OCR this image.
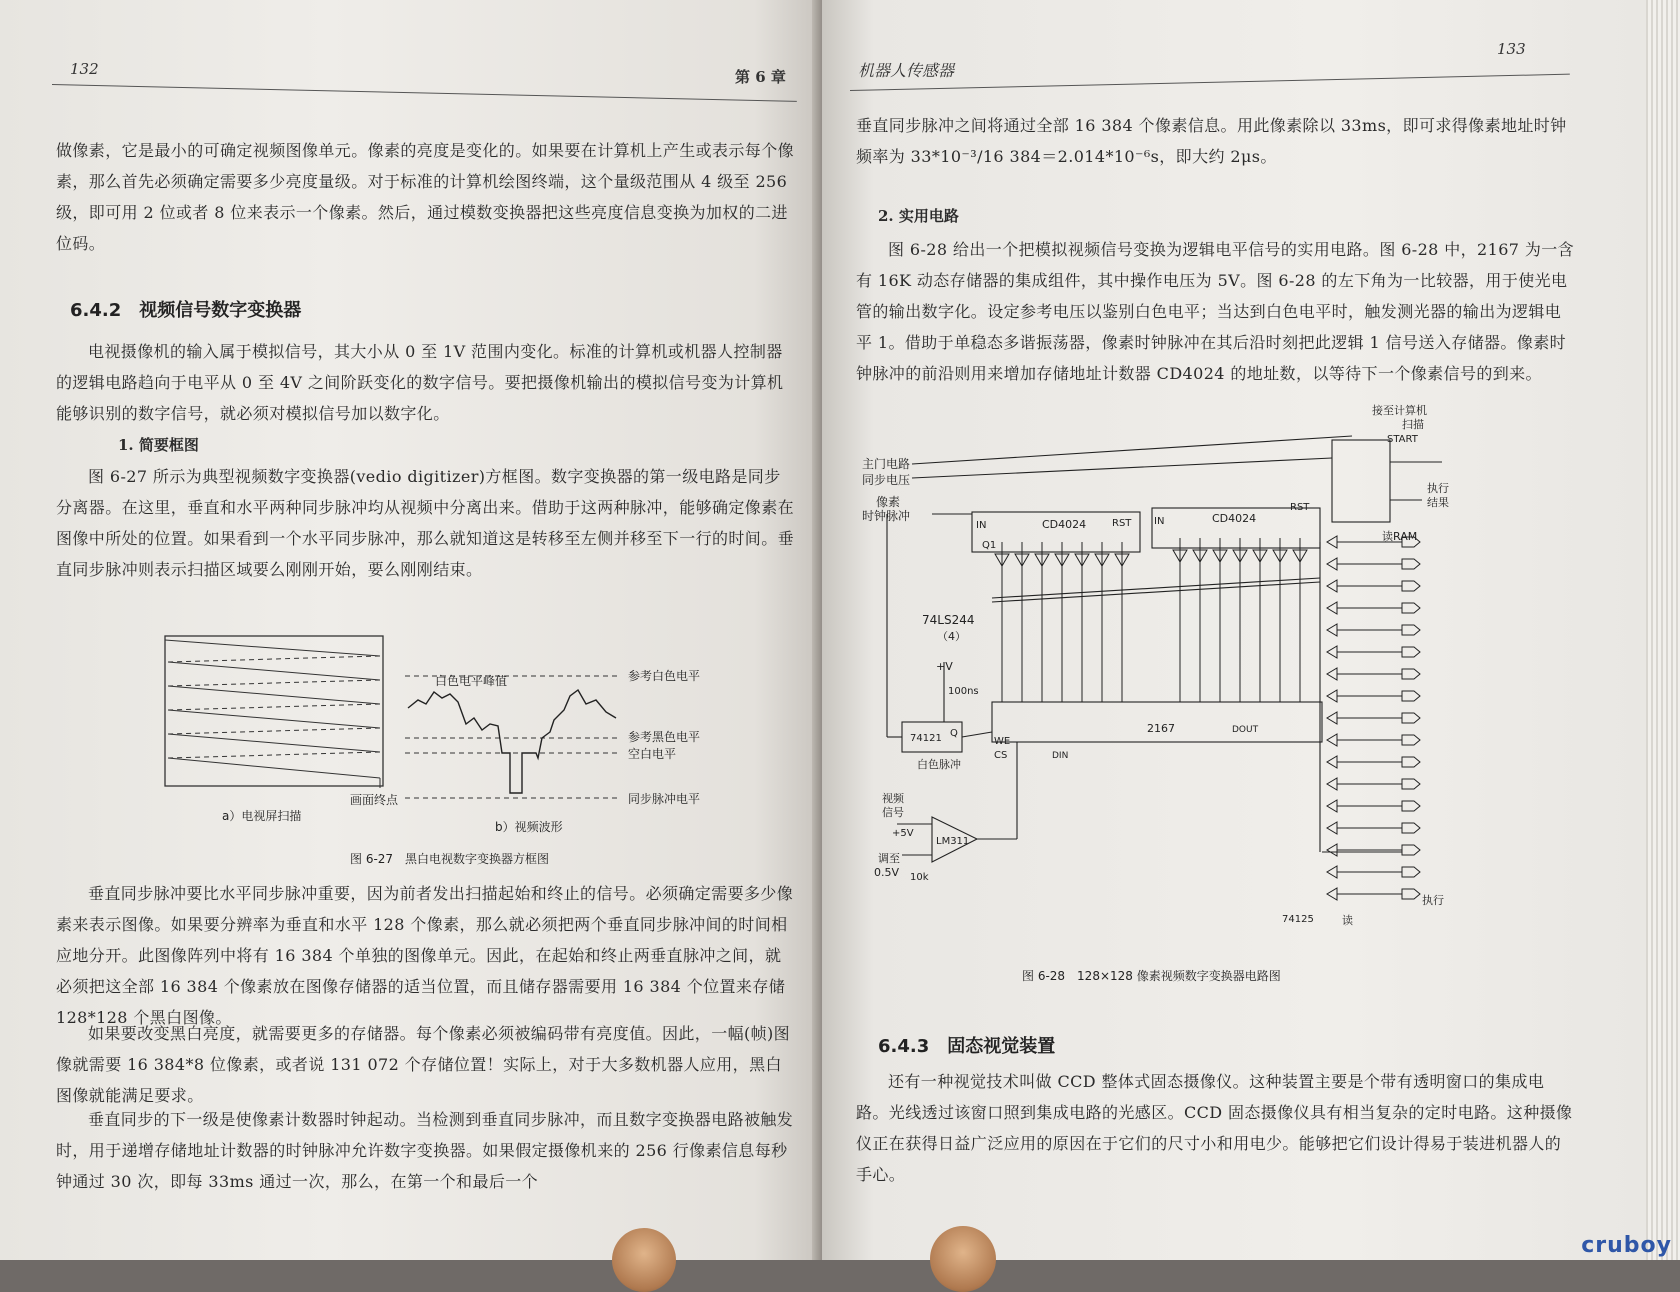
132	第 6 章

做像素，它是最小的可确定视频图像单元。像素的亮度是变化的。如果要在计算机上产生或表示每个像素，那么首先必须确定需要多少亮度量级。对于标准的计算机绘图终端，这个量级范围从 4 级至 256 级，即可用 2 位或者 8 位来表示一个像素。然后，通过模数变换器把这些亮度信息变换为加权的二进位码。

6.4.2　视频信号数字变换器

电视摄像机的输入属于模拟信号，其大小从 0 至 1V 范围内变化。标准的计算机或机器人控制器的逻辑电路趋向于电平从 0 至 4V 之间阶跃变化的数字信号。要把摄像机输出的模拟信号变为计算机能够识别的数字信号，就必须对模拟信号加以数字化。

1. 简要框图

图 6-27 所示为典型视频数字变换器(vedio digitizer)方框图。数字变换器的第一级电路是同步分离器。在这里，垂直和水平两种同步脉冲均从视频中分离出来。借助于这两种脉冲，能够确定像素在图像中所处的位置。如果看到一个水平同步脉冲，那么就知道这是转移至左侧并移至下一行的时间。垂直同步脉冲则表示扫描区域要么刚刚开始，要么刚刚结束。

画面终点
a）电视屏扫描
白色电平峰值	参考白色电平
参考黑色电平
空白电平
同步脉冲电平
b）视频波形
图 6-27　黑白电视数字变换器方框图

垂直同步脉冲要比水平同步脉冲重要，因为前者发出扫描起始和终止的信号。必须确定需要多少像素来表示图像。如果要分辨率为垂直和水平 128 个像素，那么就必须把两个垂直同步脉冲间的时间相应地分开。此图像阵列中将有 16 384 个单独的图像单元。因此，在起始和终止两垂直脉冲之间，就必须把这全部 16 384 个像素放在图像存储器的适当位置，而且储存器需要用 16 384 个位置来存储 128*128 个黑白图像。

如果要改变黑白亮度，就需要更多的存储器。每个像素必须被编码带有亮度值。因此，一幅(帧)图像就需要 16 384*8 位像素，或者说 131 072 个存储位置！实际上，对于大多数机器人应用，黑白图像就能满足要求。

垂直同步的下一级是使像素计数器时钟起动。当检测到垂直同步脉冲，而且数字变换器电路被触发时，用于递增存储地址计数器的时钟脉冲允许数字变换器。如果假定摄像机来的 256 行像素信息每秒钟通过 30 次，即每 33ms 通过一次，那么，在第一个和最后一个

机器人传感器
133

垂直同步脉冲之间将通过全部 16 384 个像素信息。用此像素除以 33ms，即可求得像素地址时钟频率为 33*10⁻³/16 384＝2.014*10⁻⁶s，即大约 2μs。

2. 实用电路

图 6-28 给出一个把模拟视频信号变换为逻辑电平信号的实用电路。图 6-28 中，2167 为一含有 16K 动态存储器的集成组件，其中操作电压为 5V。图 6-28 的左下角为一比较器，用于使光电管的输出数字化。设定参考电压以鉴别白色电平；当达到白色电平时，触发测光器的输出为逻辑电平 1。借助于单稳态多谐振荡器，像素时钟脉冲在其后沿时刻把此逻辑 1 信号送入存储器。像素时钟脉冲的前沿则用来增加存储地址计数器 CD4024 的地址数，以等待下一个像素信号的到来。

主门电路
同步电压
像素
时钟脉冲
CD4024	CD4024
IN	IN
RST
RST
Q1
74LS244
（4）
接至计算机
扫描
START
执行
结果
读RAM
2167	DOUT
DIN
WE
CS
+V
100ns
74121 Q
白色脉冲
视频
信号
+5V
LM311
调至
0.5V 10k
74125	读
执行
图 6-28　128×128 像素视频数字变换器电路图
6.4.3　固态视觉装置

还有一种视觉技术叫做 CCD 整体式固态摄像仪。这种装置主要是个带有透明窗口的集成电路。光线透过该窗口照到集成电路的光感区。CCD 固态摄像仪具有相当复杂的定时电路。这种摄像仪正在获得日益广泛应用的原因在于它们的尺寸小和用电少。能够把它们设计得易于装进机器人的手心。

cruboy
